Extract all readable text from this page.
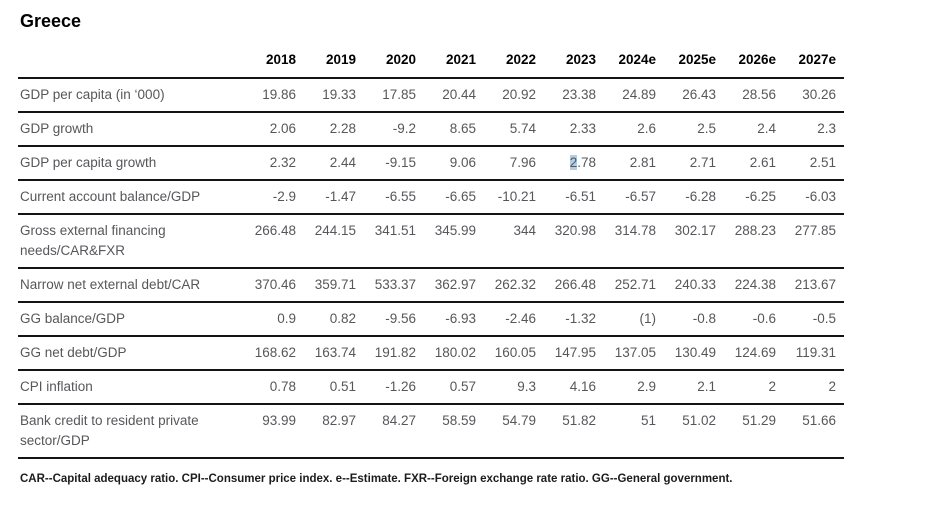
Greece
	2018	2019	2020	2021	2022	2023	2024e	2025e	2026e	2027e
GDP per capita (in ‘000)	19.86	19.33	17.85	20.44	20.92	23.38	24.89	26.43	28.56	30.26
GDP growth	2.06	2.28	-9.2	8.65	5.74	2.33	2.6	2.5	2.4	2.3
GDP per capita growth	2.32	2.44	-9.15	9.06	7.96	2.78	2.81	2.71	2.61	2.51
Current account balance/GDP	-2.9	-1.47	-6.55	-6.65	-10.21	-6.51	-6.57	-6.28	-6.25	-6.03
Gross external financing needs/CAR&FXR	266.48	244.15	341.51	345.99	344	320.98	314.78	302.17	288.23	277.85
Narrow net external debt/CAR	370.46	359.71	533.37	362.97	262.32	266.48	252.71	240.33	224.38	213.67
GG balance/GDP	0.9	0.82	-9.56	-6.93	-2.46	-1.32	(1)	-0.8	-0.6	-0.5
GG net debt/GDP	168.62	163.74	191.82	180.02	160.05	147.95	137.05	130.49	124.69	119.31
CPI inflation	0.78	0.51	-1.26	0.57	9.3	4.16	2.9	2.1	2	2
Bank credit to resident private sector/GDP	93.99	82.97	84.27	58.59	54.79	51.82	51	51.02	51.29	51.66

CAR--Capital adequacy ratio. CPI--Consumer price index. e--Estimate. FXR--Foreign exchange rate ratio. GG--General government.
